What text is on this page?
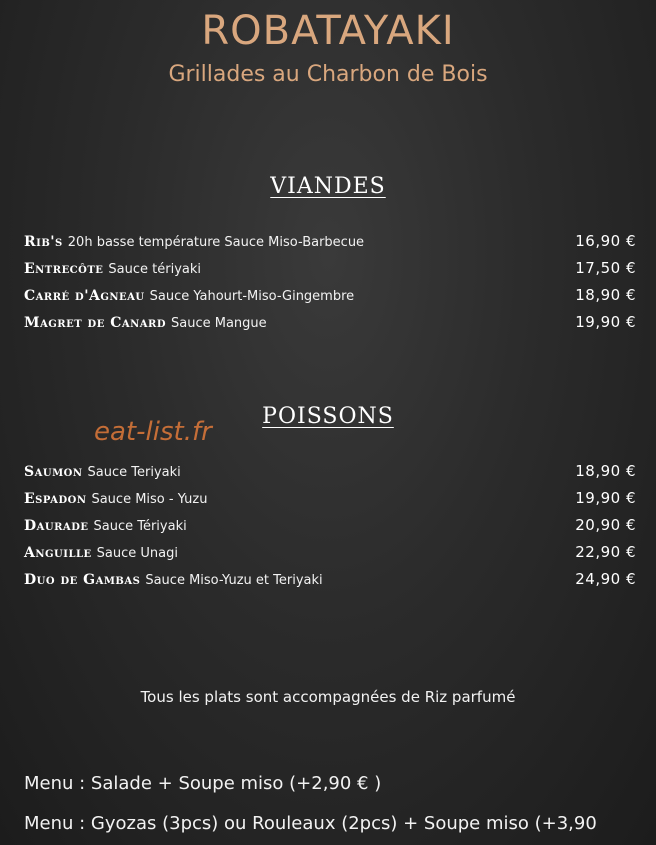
ROBATAYAKI
Grillades au Charbon de Bois
VIANDES
Rib's 20h basse température Sauce Miso-Barbecue	16,90 €
Entrecôte Sauce tériyaki	17,50 €
Carré d'Agneau Sauce Yahourt-Miso-Gingembre	18,90 €
Magret de Canard Sauce Mangue	19,90 €
POISSONS
eat-list.fr
Saumon Sauce Teriyaki	18,90 €
Espadon Sauce Miso - Yuzu	19,90 €
Daurade Sauce Tériyaki	20,90 €
Anguille Sauce Unagi	22,90 €
Duo de Gambas Sauce Miso-Yuzu et Teriyaki	24,90 €
Tous les plats sont accompagnées de Riz parfumé
Menu : Salade + Soupe miso (+2,90 € )
Menu : Gyozas (3pcs) ou Rouleaux (2pcs) + Soupe miso (+3,90
